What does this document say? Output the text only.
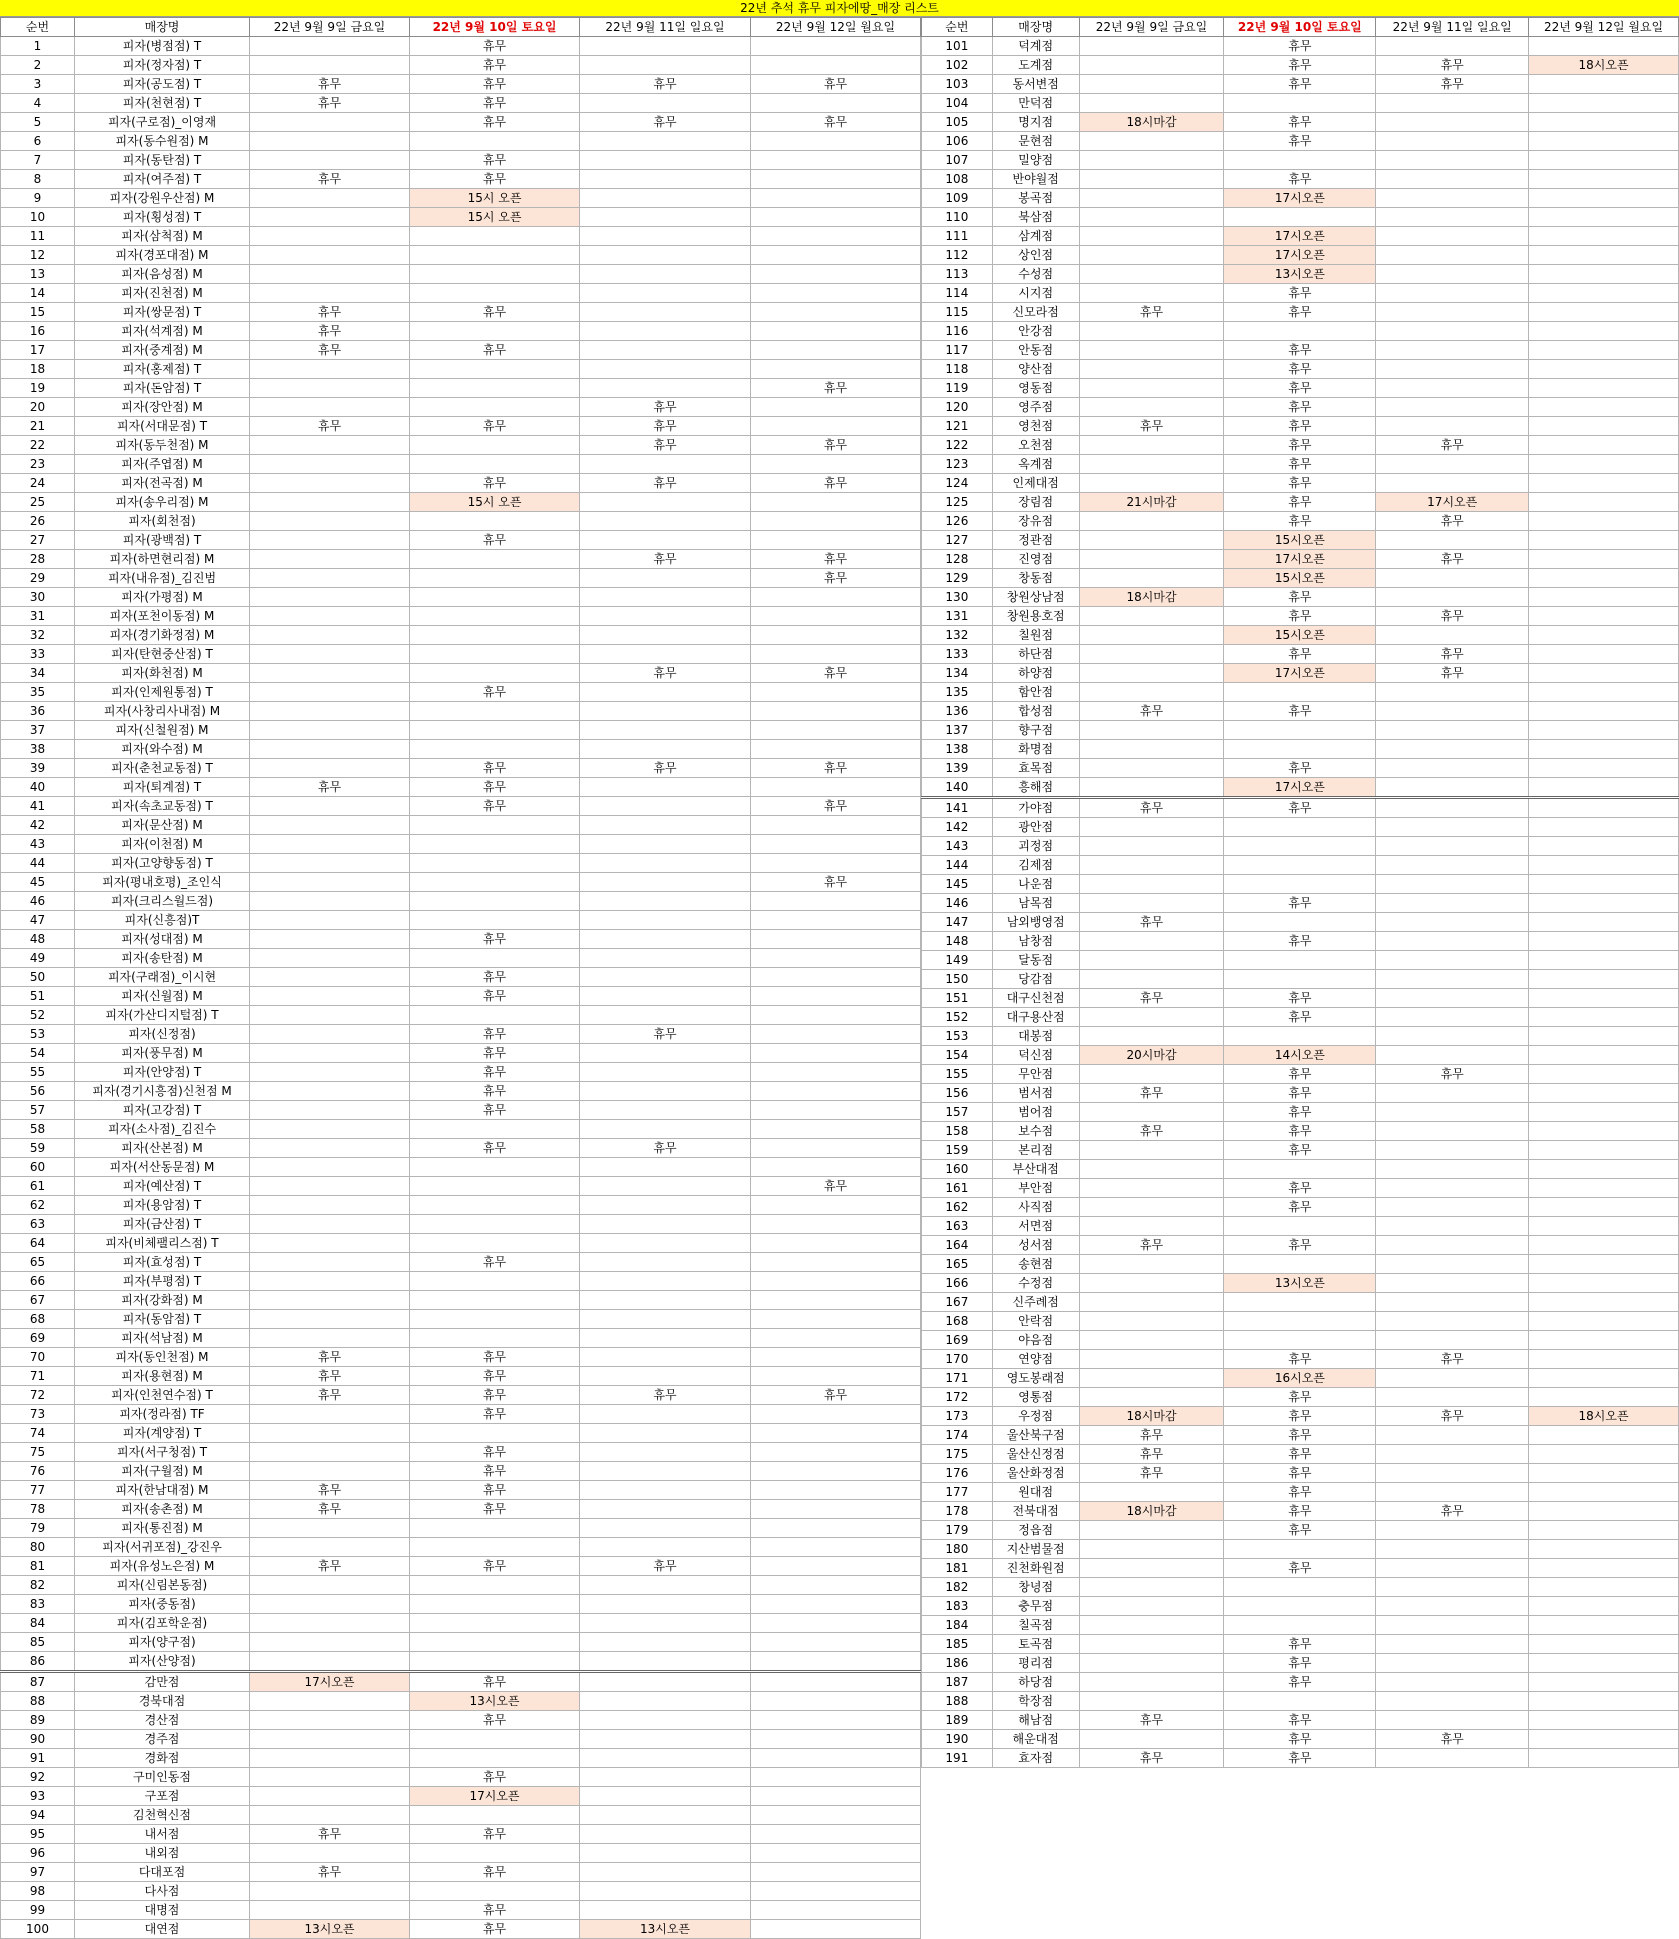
22년 추석 휴무 피자에땅_매장 리스트
순번	매장명	22년 9월 9일 금요일	22년 9월 10일 토요일	22년 9월 11일 일요일	22년 9월 12일 월요일
1	피자(병점점) T		휴무		
2	피자(정자점) T		휴무		
3	피자(공도점) T	휴무	휴무	휴무	휴무
4	피자(천현점) T	휴무	휴무		
5	피자(구로점)_이영재		휴무	휴무	휴무
6	피자(동수원점) M				
7	피자(동탄점) T		휴무		
8	피자(여주점) T	휴무	휴무		
9	피자(강원우산점) M		15시 오픈		
10	피자(횡성점) T		15시 오픈		
11	피자(삼척점) M				
12	피자(경포대점) M				
13	피자(음성점) M				
14	피자(진천점) M				
15	피자(쌍문점) T	휴무	휴무		
16	피자(석계점) M	휴무			
17	피자(중계점) M	휴무	휴무		
18	피자(홍제점) T				
19	피자(돈암점) T				휴무
20	피자(장안점) M			휴무	
21	피자(서대문점) T	휴무	휴무	휴무	
22	피자(동두천점) M			휴무	휴무
23	피자(주엽점) M				
24	피자(전곡점) M		휴무	휴무	휴무
25	피자(송우리점) M		15시 오픈		
26	피자(회천점)				
27	피자(광백점) T		휴무		
28	피자(하면현리점) M			휴무	휴무
29	피자(내유점)_김진범				휴무
30	피자(가평점) M				
31	피자(포천이동점) M				
32	피자(경기화정점) M				
33	피자(탄현중산점) T				
34	피자(화천점) M			휴무	휴무
35	피자(인제원통점) T		휴무		
36	피자(사창리사내점) M				
37	피자(신철원점) M				
38	피자(와수점) M				
39	피자(춘천교동점) T		휴무	휴무	휴무
40	피자(퇴계점) T	휴무	휴무		
41	피자(속초교동점) T		휴무		휴무
42	피자(문산점) M				
43	피자(이천점) M				
44	피자(고양향동점) T				
45	피자(평내호평)_조인식				휴무
46	피자(크리스월드점)				
47	피자(신흥점)T				
48	피자(성대점) M		휴무		
49	피자(송탄점) M				
50	피자(구래점)_이시현		휴무		
51	피자(신월점) M		휴무		
52	피자(가산디지털점) T				
53	피자(신정점)		휴무	휴무	
54	피자(풍무점) M		휴무		
55	피자(안양점) T		휴무		
56	피자(경기시흥점)신천점 M		휴무		
57	피자(고강점) T		휴무		
58	피자(소사점)_김진수				
59	피자(산본점) M		휴무	휴무	
60	피자(서산동문점) M				
61	피자(예산점) T				휴무
62	피자(용암점) T				
63	피자(금산점) T				
64	피자(비체팰리스점) T				
65	피자(효성점) T		휴무		
66	피자(부평점) T				
67	피자(강화점) M				
68	피자(동암점) T				
69	피자(석남점) M				
70	피자(동인천점) M	휴무	휴무		
71	피자(용현점) M	휴무	휴무		
72	피자(인천연수점) T	휴무	휴무	휴무	휴무
73	피자(정라점) TF		휴무		
74	피자(계양점) T				
75	피자(서구청점) T		휴무		
76	피자(구월점) M		휴무		
77	피자(한남대점) M	휴무	휴무		
78	피자(송촌점) M	휴무	휴무		
79	피자(통진점) M				
80	피자(서귀포점)_강진우				
81	피자(유성노은점) M	휴무	휴무	휴무	
82	피자(신림본동점)				
83	피자(중동점)				
84	피자(김포학운점)				
85	피자(양구점)				
86	피자(산양점)				
87	감만점	17시오픈	휴무		
88	경북대점		13시오픈		
89	경산점		휴무		
90	경주점				
91	경화점				
92	구미인동점		휴무		
93	구포점		17시오픈		
94	김천혁신점				
95	내서점	휴무	휴무		
96	내외점				
97	다대포점	휴무	휴무		
98	다사점				
99	대명점		휴무		
100	대연점	13시오픈	휴무	13시오픈	
순번	매장명	22년 9월 9일 금요일	22년 9월 10일 토요일	22년 9월 11일 일요일	22년 9월 12일 월요일
101	덕계점		휴무		
102	도계점		휴무	휴무	18시오픈
103	동서변점		휴무	휴무	
104	만덕점				
105	명지점	18시마감	휴무		
106	문현점		휴무		
107	밀양점				
108	반야월점		휴무		
109	봉곡점		17시오픈		
110	북삼점				
111	삼계점		17시오픈		
112	상인점		17시오픈		
113	수성점		13시오픈		
114	시지점		휴무		
115	신모라점	휴무	휴무		
116	안강점				
117	안동점		휴무		
118	양산점		휴무		
119	영동점		휴무		
120	영주점		휴무		
121	영천점	휴무	휴무		
122	오천점		휴무	휴무	
123	옥계점		휴무		
124	인제대점		휴무		
125	장림점	21시마감	휴무	17시오픈	
126	장유점		휴무	휴무	
127	정관점		15시오픈		
128	진영점		17시오픈	휴무	
129	창동점		15시오픈		
130	창원상남점	18시마감	휴무		
131	창원용호점		휴무	휴무	
132	칠원점		15시오픈		
133	하단점		휴무	휴무	
134	하양점		17시오픈	휴무	
135	함안점				
136	합성점	휴무	휴무		
137	향구점				
138	화명점				
139	효목점		휴무		
140	흥해점		17시오픈		
141	가야점	휴무	휴무		
142	광안점				
143	괴정점				
144	김제점				
145	나운점				
146	남목점		휴무		
147	남외뱅영점	휴무			
148	남창점		휴무		
149	달동점				
150	당감점				
151	대구신천점	휴무	휴무		
152	대구용산점		휴무		
153	대봉점				
154	덕신점	20시마감	14시오픈		
155	무안점		휴무	휴무	
156	범서점	휴무	휴무		
157	범어점		휴무		
158	보수점	휴무	휴무		
159	본리점		휴무		
160	부산대점				
161	부안점		휴무		
162	사직점		휴무		
163	서면점				
164	성서점	휴무	휴무		
165	송현점				
166	수정점		13시오픈		
167	신주례점				
168	안락점				
169	야음점				
170	연양점		휴무	휴무	
171	영도봉래점		16시오픈		
172	영통점		휴무		
173	우정점	18시마감	휴무	휴무	18시오픈
174	울산북구점	휴무	휴무		
175	울산신정점	휴무	휴무		
176	울산화정점	휴무	휴무		
177	원대점		휴무		
178	전북대점	18시마감	휴무	휴무	
179	정읍점		휴무		
180	지산범물점				
181	진천화원점		휴무		
182	창녕점				
183	충무점				
184	칠곡점				
185	토곡점		휴무		
186	평리점		휴무		
187	하당점		휴무		
188	학장점				
189	해남점	휴무	휴무		
190	해운대점		휴무	휴무	
191	효자점	휴무	휴무		
